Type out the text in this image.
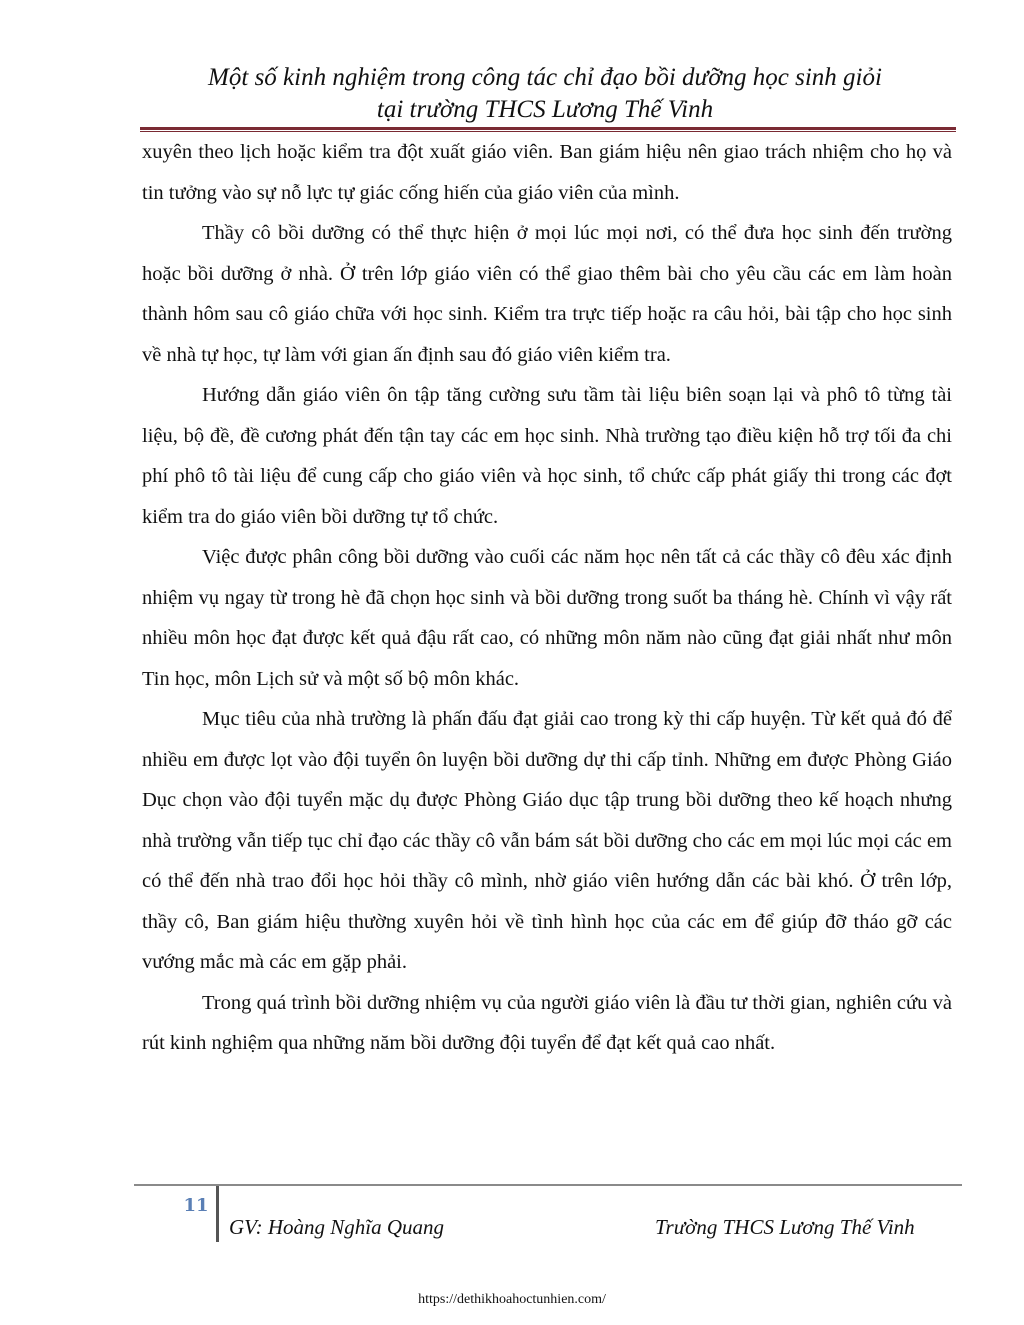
Một số kinh nghiệm trong công tác chỉ đạo bồi dưỡng học sinh giỏi
tại trường THCS Lương Thế Vinh

xuyên theo lịch hoặc kiểm tra đột xuất giáo viên. Ban giám hiệu nên giao trách nhiệm cho họ và tin tưởng vào sự nỗ lực tự giác cống hiến của giáo viên của mình.

Thầy cô bồi dưỡng có thể thực hiện ở mọi lúc mọi nơi, có thể đưa học sinh đến trường hoặc bồi dưỡng ở nhà. Ở trên lớp giáo viên có thể giao thêm bài cho yêu cầu các em làm hoàn thành hôm sau cô giáo chữa với học sinh. Kiểm tra trực tiếp hoặc ra câu hỏi, bài tập cho học sinh về nhà tự học, tự làm với gian ấn định sau đó giáo viên kiểm tra.

Hướng dẫn giáo viên ôn tập tăng cường sưu tầm tài liệu biên soạn lại và phô tô từng tài liệu, bộ đề, đề cương phát đến tận tay các em học sinh. Nhà trường tạo điều kiện hỗ trợ tối đa chi phí phô tô tài liệu để cung cấp cho giáo viên và học sinh, tổ chức cấp phát giấy thi trong các đợt kiểm tra do giáo viên bồi dưỡng tự tổ chức.

Việc được phân công bồi dưỡng vào cuối các năm học nên tất cả các thầy cô đêu xác định nhiệm vụ ngay từ trong hè đã chọn học sinh và bồi dưỡng trong suốt ba tháng hè. Chính vì vậy rất nhiều môn học đạt được kết quả đậu rất cao, có những môn năm nào cũng đạt giải nhất như môn Tin học, môn Lịch sử và một số bộ môn khác.

Mục tiêu của nhà trường là phấn đấu đạt giải cao trong kỳ thi cấp huyện. Từ kết quả đó để nhiều em được lọt vào đội tuyển ôn luyện bồi dưỡng dự thi cấp tỉnh. Những em được Phòng Giáo Dục chọn vào đội tuyển mặc dụ được Phòng Giáo dục tập trung bồi dưỡng theo kế hoạch nhưng nhà trường vẫn tiếp tục chỉ đạo các thầy cô vẫn bám sát bồi dưỡng cho các em mọi lúc mọi các em có thể đến nhà trao đổi học hỏi thầy cô mình, nhờ giáo viên hướng dẫn các bài khó. Ở trên lớp, thầy cô, Ban giám hiệu thường xuyên hỏi về tình hình học của các em để giúp đỡ tháo gỡ các vướng mắc mà các em gặp phải.

Trong quá trình bồi dưỡng nhiệm vụ của người giáo viên là đầu tư thời gian, nghiên cứu và rút kinh nghiệm qua những năm bồi dưỡng đội tuyển để đạt kết quả cao nhất.

11
GV: Hoàng Nghĩa Quang	Trường THCS Lương Thế Vinh
https://dethikhoahoctunhien.com/
